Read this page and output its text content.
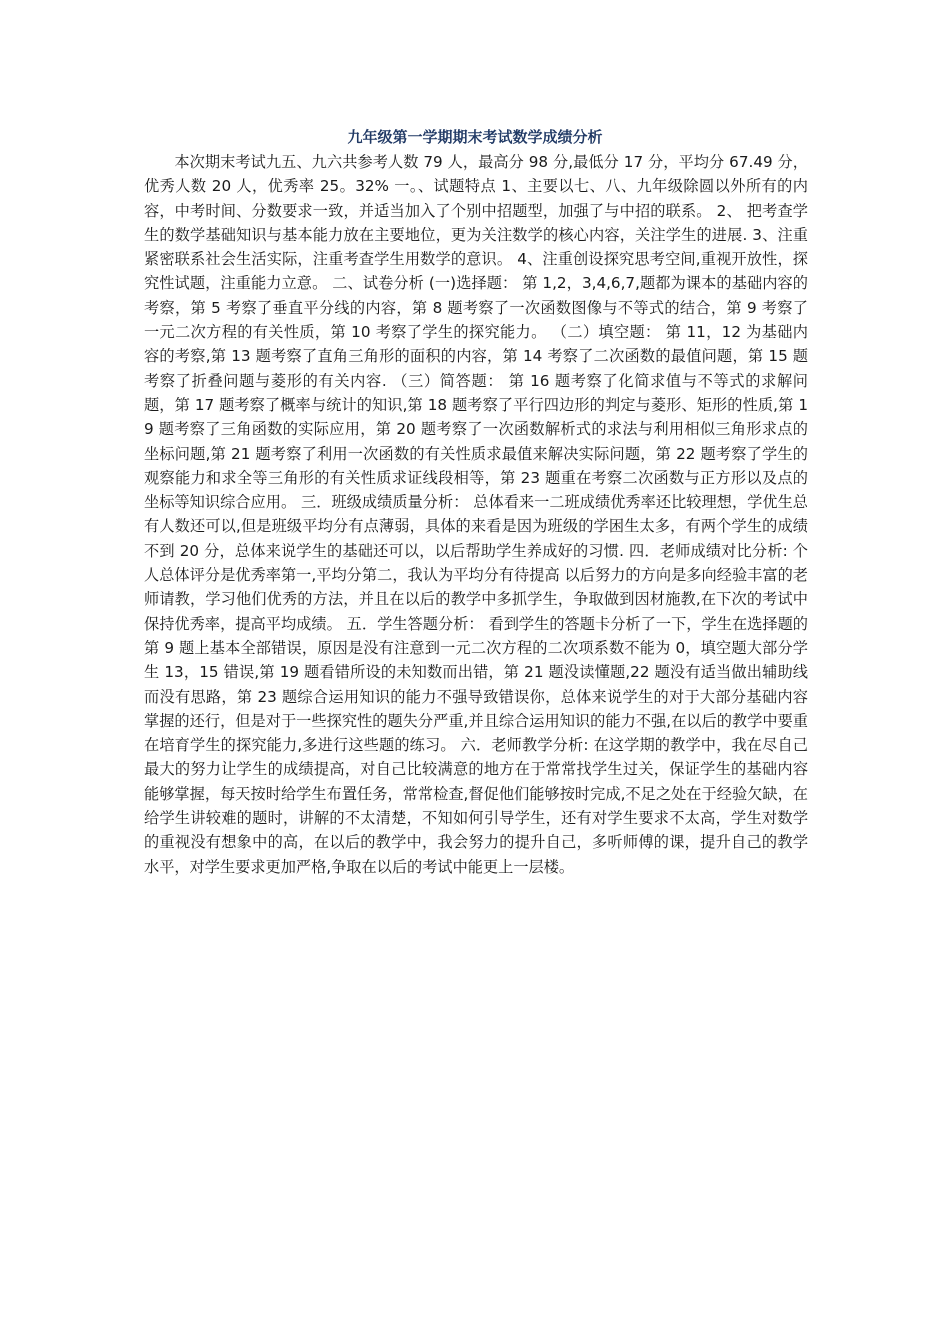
九年级第一学期期末考试数学成绩分析

本次期末考试九五、九六共参考人数 79 人，最高分 98 分,最低分 17 分，平均分 67.49 分，优秀人数 20 人，优秀率 25。32% 一。、试题特点 1、主要以七、八、九年级除圆以外所有的内容，中考时间、分数要求一致，并适当加入了个别中招题型，加强了与中招的联系。 2、 把考查学生的数学基础知识与基本能力放在主要地位，更为关注数学的核心内容，关注学生的进展. 3、注重紧密联系社会生活实际，注重考查学生用数学的意识。 4、注重创设探究思考空间,重视开放性，探究性试题，注重能力立意。 二、试卷分析 (一)选择题： 第 1,2，3,4,6,7,题都为课本的基础内容的考察，第 5 考察了垂直平分线的内容，第 8 题考察了一次函数图像与不等式的结合，第 9 考察了一元二次方程的有关性质，第 10 考察了学生的探究能力。 （二）填空题： 第 11，12 为基础内容的考察,第 13 题考察了直角三角形的面积的内容，第 14 考察了二次函数的最值问题，第 15 题考察了折叠问题与菱形的有关内容. （三）简答题： 第 16 题考察了化简求值与不等式的求解问题，第 17 题考察了概率与统计的知识,第 18 题考察了平行四边形的判定与菱形、矩形的性质,第 19 题考察了三角函数的实际应用，第 20 题考察了一次函数解析式的求法与利用相似三角形求点的坐标问题,第 21 题考察了利用一次函数的有关性质求最值来解决实际问题，第 22 题考察了学生的观察能力和求全等三角形的有关性质求证线段相等，第 23 题重在考察二次函数与正方形以及点的坐标等知识综合应用。 三．班级成绩质量分析： 总体看来一二班成绩优秀率还比较理想，学优生总有人数还可以,但是班级平均分有点薄弱，具体的来看是因为班级的学困生太多，有两个学生的成绩不到 20 分，总体来说学生的基础还可以，以后帮助学生养成好的习惯. 四．老师成绩对比分析: 个人总体评分是优秀率第一,平均分第二，我认为平均分有待提高 以后努力的方向是多向经验丰富的老师请教，学习他们优秀的方法，并且在以后的教学中多抓学生，争取做到因材施教,在下次的考试中保持优秀率，提高平均成绩。 五．学生答题分析： 看到学生的答题卡分析了一下，学生在选择题的第 9 题上基本全部错误，原因是没有注意到一元二次方程的二次项系数不能为 0，填空题大部分学生 13，15 错误,第 19 题看错所设的未知数而出错，第 21 题没读懂题,22 题没有适当做出辅助线而没有思路，第 23 题综合运用知识的能力不强导致错误你，总体来说学生的对于大部分基础内容掌握的还行，但是对于一些探究性的题失分严重,并且综合运用知识的能力不强,在以后的教学中要重在培育学生的探究能力,多进行这些题的练习。 六．老师教学分析: 在这学期的教学中，我在尽自己最大的努力让学生的成绩提高，对自己比较满意的地方在于常常找学生过关，保证学生的基础内容能够掌握，每天按时给学生布置任务，常常检查,督促他们能够按时完成,不足之处在于经验欠缺，在给学生讲较难的题时，讲解的不太清楚，不知如何引导学生，还有对学生要求不太高，学生对数学的重视没有想象中的高，在以后的教学中，我会努力的提升自己，多听师傅的课，提升自己的教学水平，对学生要求更加严格,争取在以后的考试中能更上一层楼。
